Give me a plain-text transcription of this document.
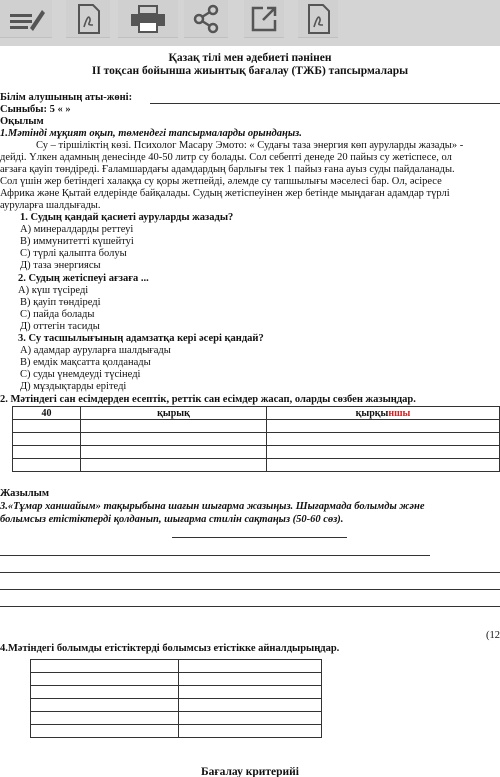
Қазақ тілі мен әдебиеті пәнінен
ІІ тоқсан бойынша жиынтық бағалау (ТЖБ) тапсырмалары
Білім алушының аты-жөні:
Сыныбы: 5 « »
Оқылым
1.Мәтінді мұқият оқып, төмендегі тапсырмаларды орындаңыз.
Су – тіршіліктің көзі. Психолог Масару Эмото: « Судағы таза энергия көп ауруларды жазады» -
дейді. Үлкен адамның денесінде 40-50 литр су болады. Сол себепті денеде 20 пайыз су жетіспесе, ол
ағзаға қауіп төндіреді. Ғаламшардағы адамдардың барлығы тек 1 пайыз ғана ауыз суды пайдаланады.
Сол үшін жер бетіндегі халаққа су қоры жетпейді, әлемде су тапшылығы мәселесі бар. Ол, әсіресе
Африка және Қытай елдерінде байқалады. Судың жетіспеуінен жер бетінде мыңдаған адамдар түрлі
ауруларға шалдығады.
1. Судың қандай қасиеті ауруларды жазады?
А) минералдарды реттеуі
В) иммунитетті күшейтуі
С) түрлі қалыпта болуы
Д) таза энергиясы
2. Судың жетіспеуі ағзаға ...
А) күш түсіреді
В) қауіп төндіреді
С) пайда болады
Д) оттегін тасиды
3. Су тасшылығының адамзатқа кері әсері қандай?
А) адамдар ауруларға шалдығады
В) емдік мақсатта қолданады
С) суды үнемдеуді түсінеді
Д) мұздықтарды ерітеді
2. Мәтіндегі сан есімдерден есептік, реттік сан есімдер жасап, оларды сөзбен жазыңдар.
40	қырық	қырқыншы

Жазылым
3.«Тұмар ханшайым» тақырыбына шағын шығарма жазыңыз. Шығармада болымды және
болымсыз етістіктерді қолданып, шығарма стилін сақтаңыз (50-60 сөз).
(12
4.Мәтіндегі болымды етістіктерді болымсыз етістікке айналдырыңдар.

Бағалау критерийі
